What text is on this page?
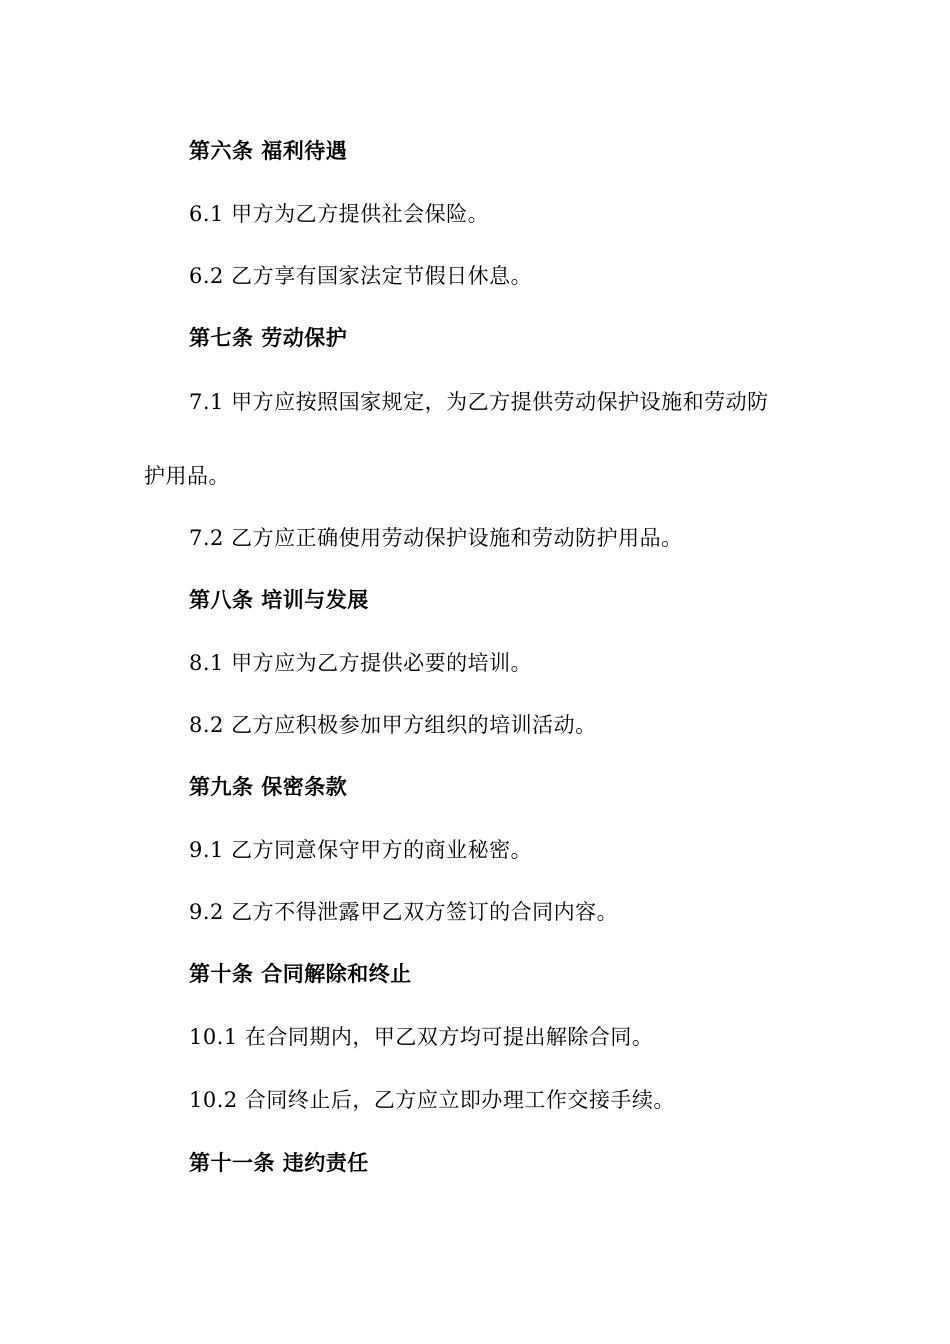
第六条 福利待遇
6.1 甲方为乙方提供社会保险。
6.2 乙方享有国家法定节假日休息。
第七条 劳动保护
7.1 甲方应按照国家规定，为乙方提供劳动保护设施和劳动防
护用品。
7.2 乙方应正确使用劳动保护设施和劳动防护用品。
第八条 培训与发展
8.1 甲方应为乙方提供必要的培训。
8.2 乙方应积极参加甲方组织的培训活动。
第九条 保密条款
9.1 乙方同意保守甲方的商业秘密。
9.2 乙方不得泄露甲乙双方签订的合同内容。
第十条 合同解除和终止
10.1 在合同期内，甲乙双方均可提出解除合同。
10.2 合同终止后，乙方应立即办理工作交接手续。
第十一条 违约责任
